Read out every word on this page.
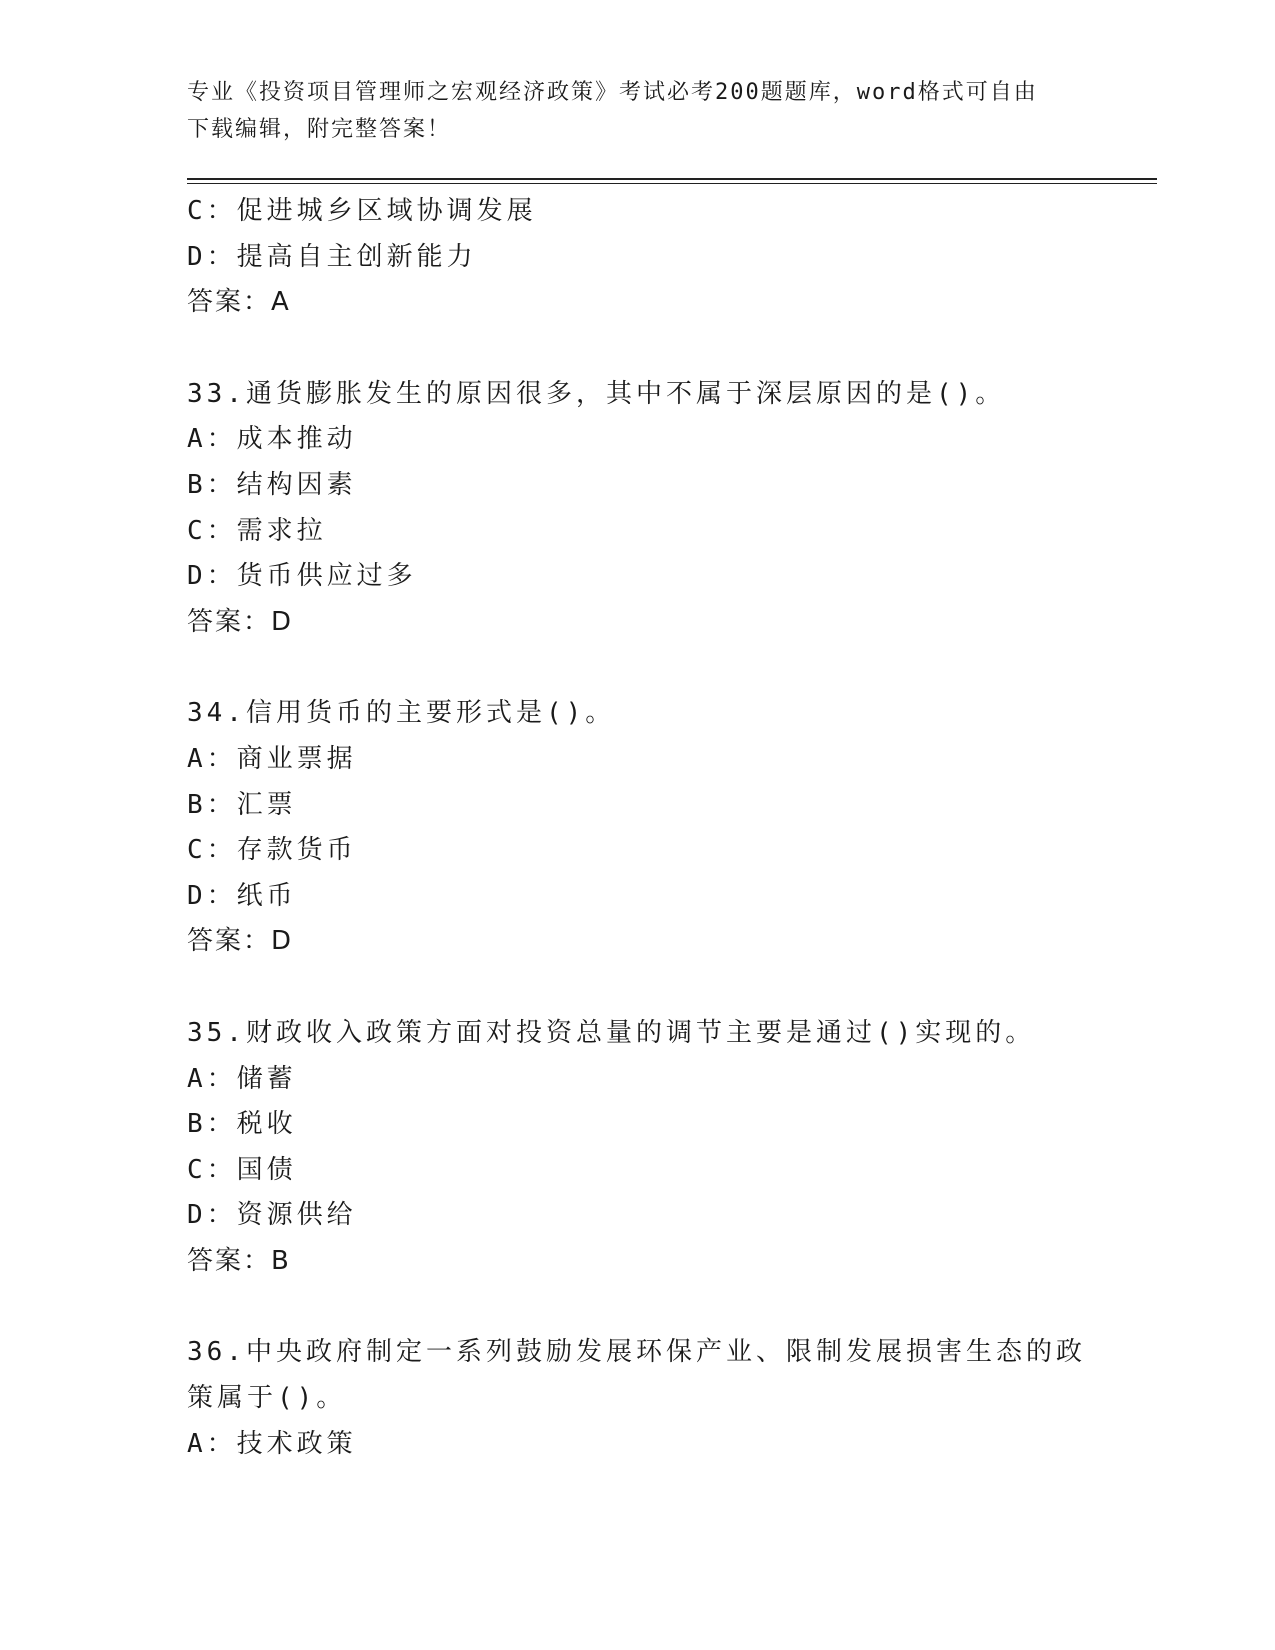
专业《投资项目管理师之宏观经济政策》考试必考200题题库，word格式可自由
下载编辑，附完整答案！
C：促进城乡区域协调发展
D：提高自主创新能力
答案：A
33.通货膨胀发生的原因很多，其中不属于深层原因的是()。
A：成本推动
B：结构因素
C：需求拉
D：货币供应过多
答案：D
34.信用货币的主要形式是()。
A：商业票据
B：汇票
C：存款货币
D：纸币
答案：D
35.财政收入政策方面对投资总量的调节主要是通过()实现的。
A：储蓄
B：税收
C：国债
D：资源供给
答案：B
36.中央政府制定一系列鼓励发展环保产业、限制发展损害生态的政策属于()。
A：技术政策
